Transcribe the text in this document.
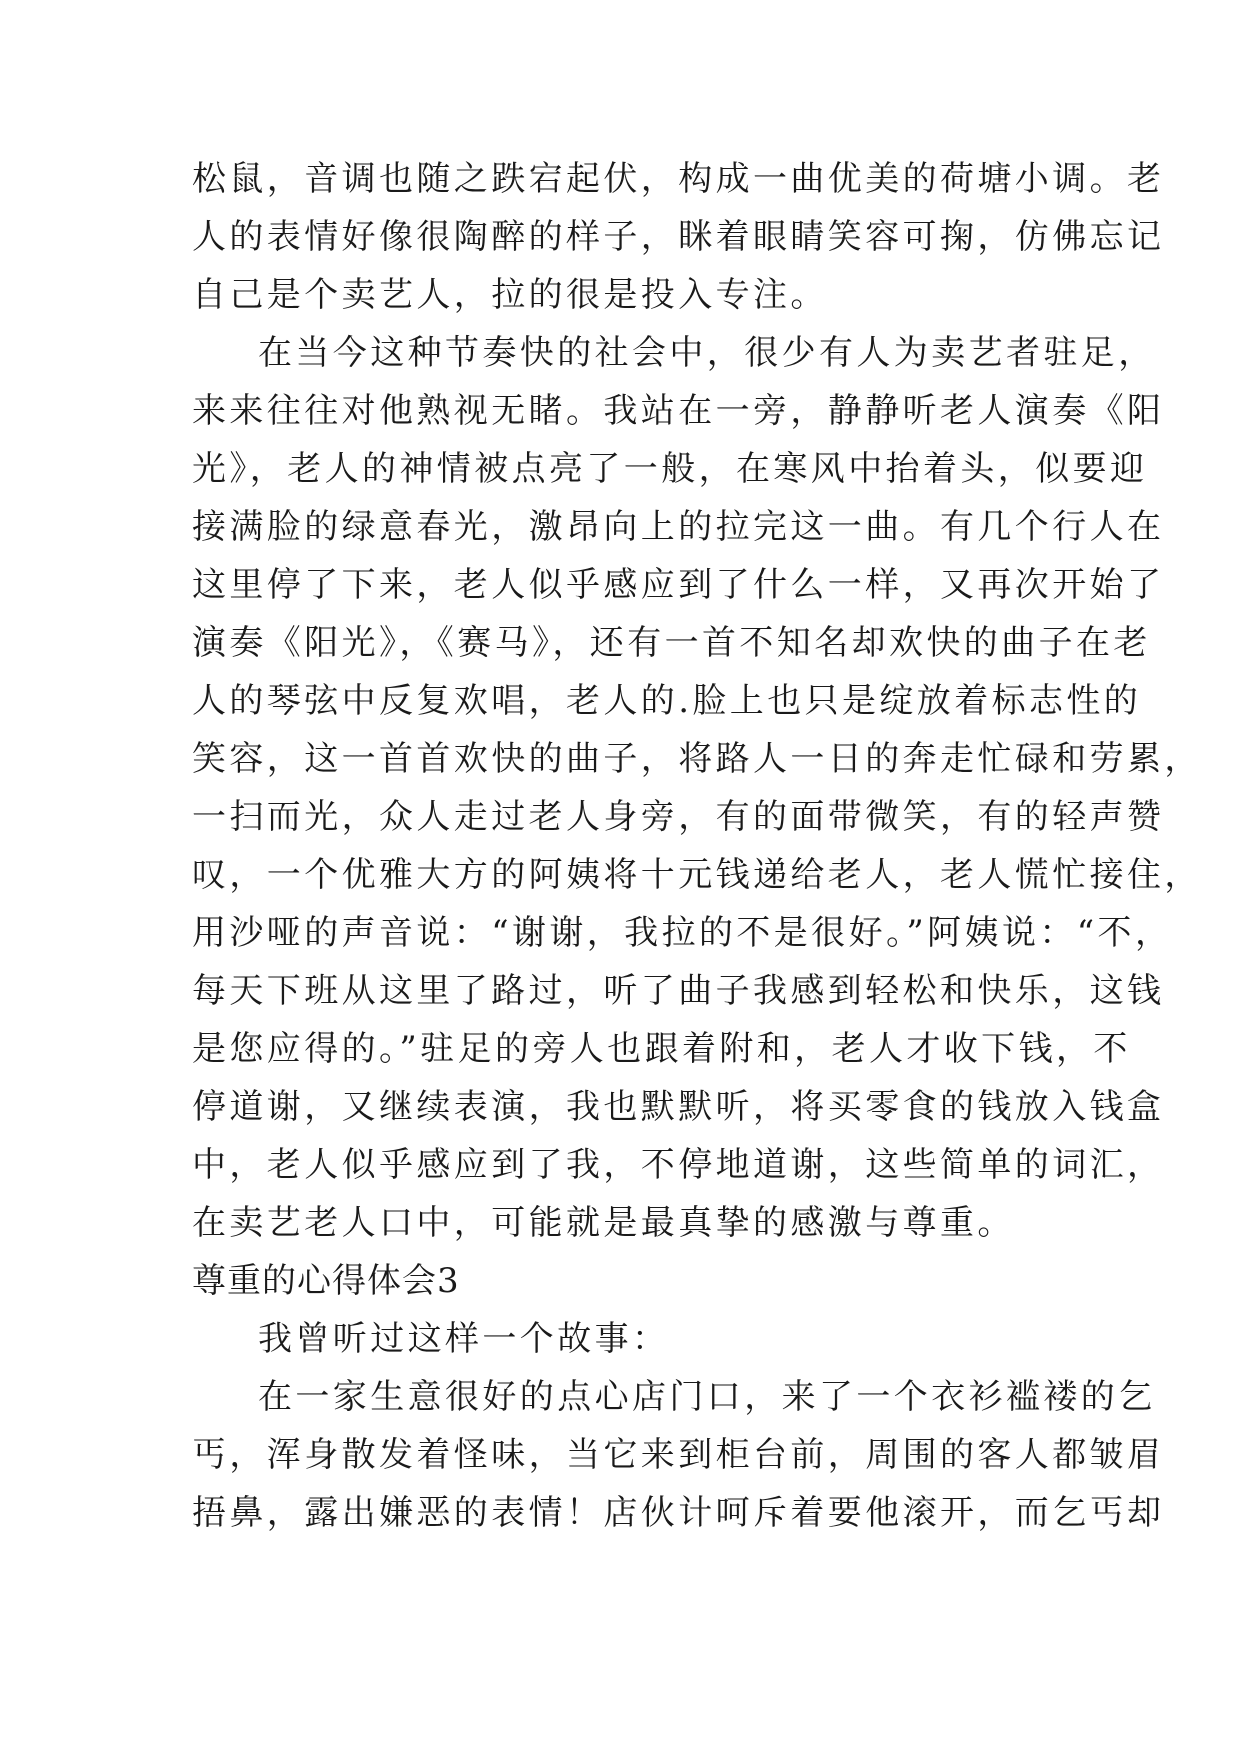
松鼠，音调也随之跌宕起伏，构成一曲优美的荷塘小调。老
人的表情好像很陶醉的样子，眯着眼睛笑容可掬，仿佛忘记
自己是个卖艺人，拉的很是投入专注。
在当今这种节奏快的社会中，很少有人为卖艺者驻足，
来来往往对他熟视无睹。我站在一旁，静静听老人演奏《阳
光》，老人的神情被点亮了一般，在寒风中抬着头，似要迎
接满脸的绿意春光，激昂向上的拉完这一曲。有几个行人在
这里停了下来，老人似乎感应到了什么一样，又再次开始了
演奏《阳光》，《赛马》，还有一首不知名却欢快的曲子在老
人的琴弦中反复欢唱，老人的.脸上也只是绽放着标志性的
笑容，这一首首欢快的曲子，将路人一日的奔走忙碌和劳累，
一扫而光，众人走过老人身旁，有的面带微笑，有的轻声赞
叹，一个优雅大方的阿姨将十元钱递给老人，老人慌忙接住，
用沙哑的声音说：“谢谢，我拉的不是很好。”阿姨说：“不，
每天下班从这里了路过，听了曲子我感到轻松和快乐，这钱
是您应得的。”驻足的旁人也跟着附和，老人才收下钱，不
停道谢，又继续表演，我也默默听，将买零食的钱放入钱盒
中，老人似乎感应到了我，不停地道谢，这些简单的词汇，
在卖艺老人口中，可能就是最真挚的感激与尊重。
尊重的心得体会3
我曾听过这样一个故事：
在一家生意很好的点心店门口，来了一个衣衫褴褛的乞
丐，浑身散发着怪味，当它来到柜台前，周围的客人都皱眉
捂鼻，露出嫌恶的表情！店伙计呵斥着要他滚开，而乞丐却
